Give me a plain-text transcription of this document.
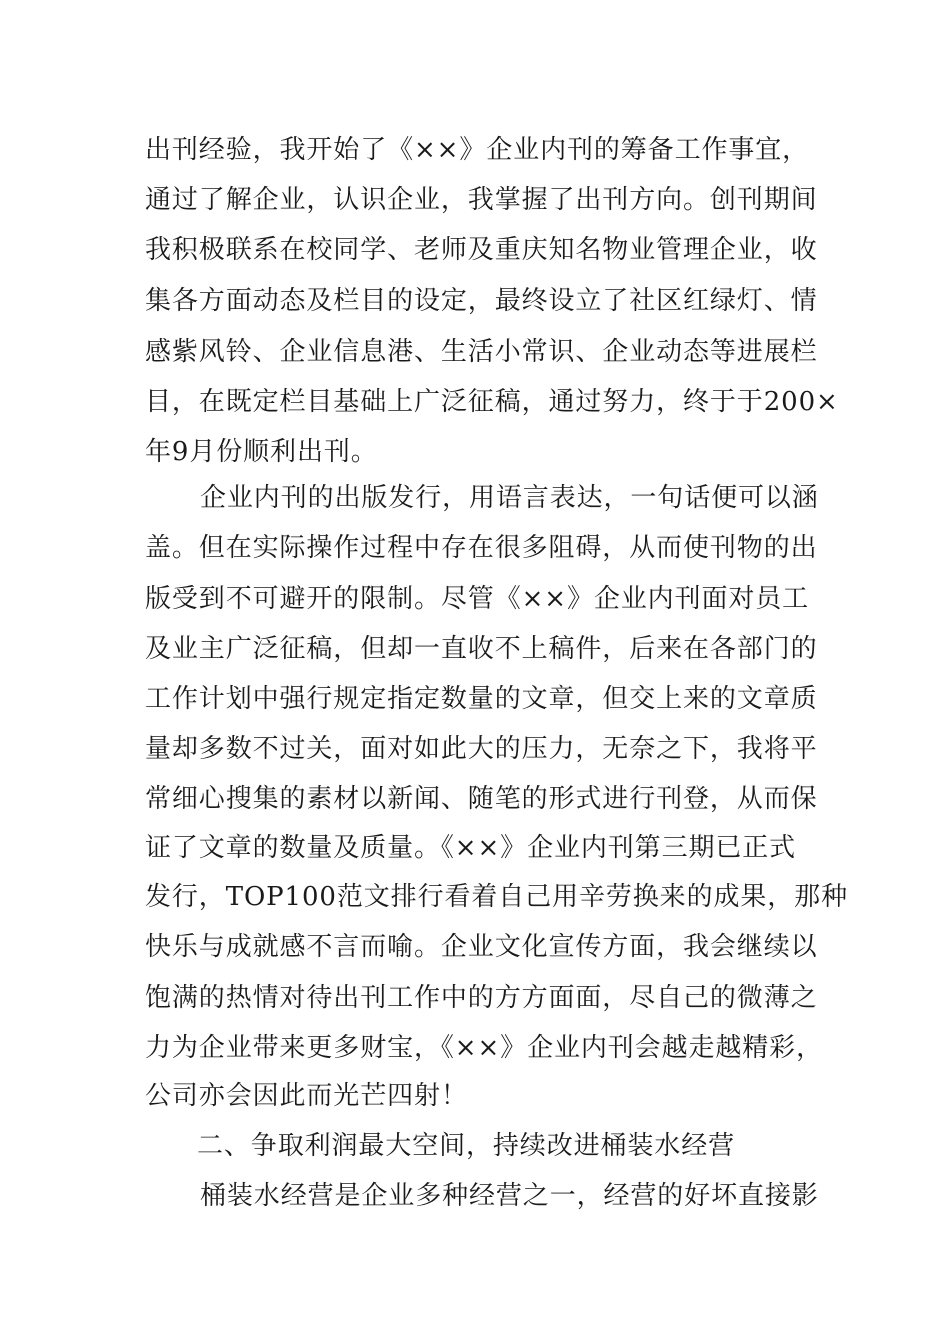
出刊经验，我开始了《××》企业内刊的筹备工作事宜，
通过了解企业，认识企业，我掌握了出刊方向。创刊期间
我积极联系在校同学、老师及重庆知名物业管理企业，收
集各方面动态及栏目的设定，最终设立了社区红绿灯、情
感紫风铃、企业信息港、生活小常识、企业动态等进展栏
目，在既定栏目基础上广泛征稿，通过努力，终于于200×
年9月份顺利出刊。
企业内刊的出版发行，用语言表达，一句话便可以涵
盖。但在实际操作过程中存在很多阻碍，从而使刊物的出
版受到不可避开的限制。尽管《××》企业内刊面对员工
及业主广泛征稿，但却一直收不上稿件，后来在各部门的
工作计划中强行规定指定数量的文章，但交上来的文章质
量却多数不过关，面对如此大的压力，无奈之下，我将平
常细心搜集的素材以新闻、随笔的形式进行刊登，从而保
证了文章的数量及质量。《××》企业内刊第三期已正式
发行，TOP100范文排行看着自己用辛劳换来的成果，那种
快乐与成就感不言而喻。企业文化宣传方面，我会继续以
饱满的热情对待出刊工作中的方方面面，尽自己的微薄之
力为企业带来更多财宝，《××》企业内刊会越走越精彩，
公司亦会因此而光芒四射！
二、争取利润最大空间，持续改进桶装水经营
桶装水经营是企业多种经营之一，经营的好坏直接影
